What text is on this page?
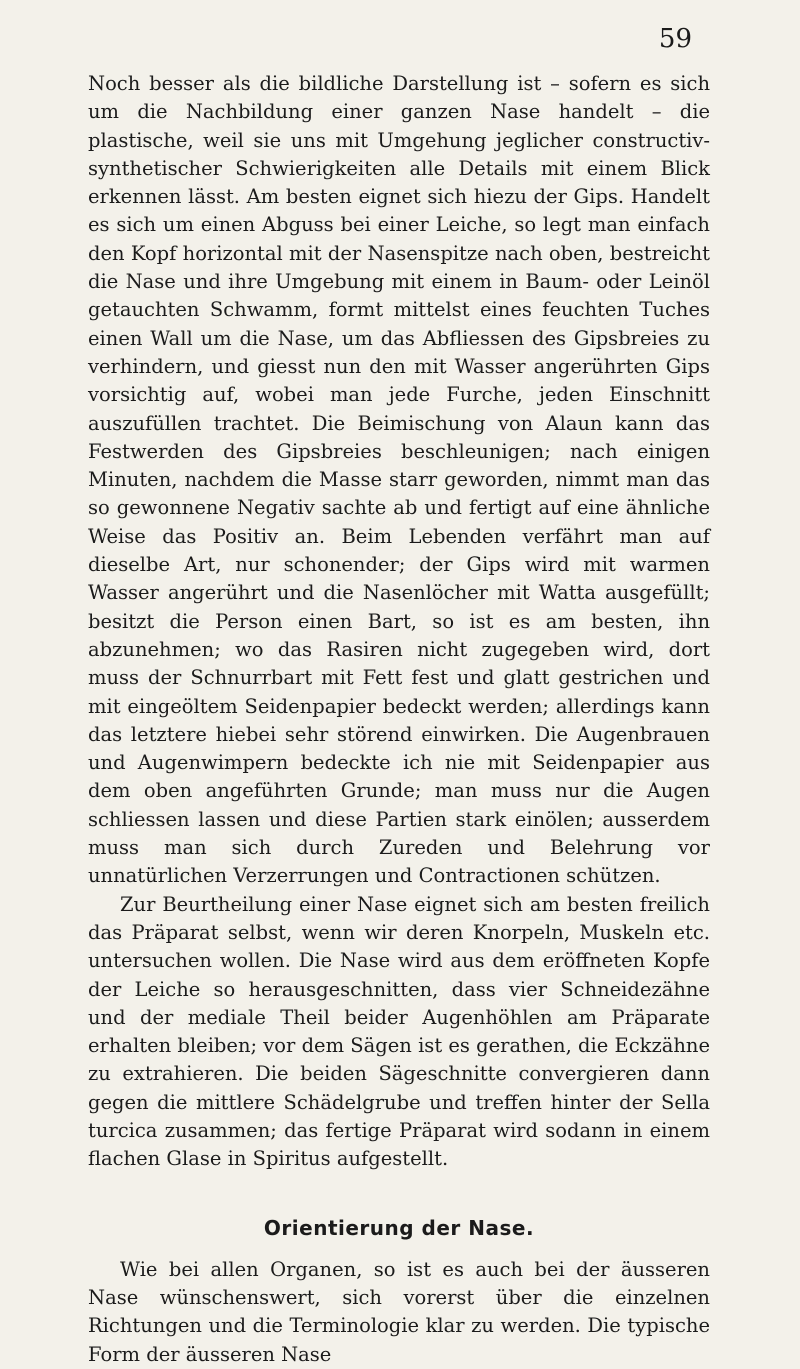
59

Noch besser als die bildliche Darstellung ist – sofern es sich um die Nachbildung einer ganzen Nase handelt – die plastische, weil sie uns mit Umgehung jeglicher constructiv-synthetischer Schwierigkeiten alle Details mit einem Blick erkennen lässt. Am besten eignet sich hiezu der Gips. Handelt es sich um einen Abguss bei einer Leiche, so legt man einfach den Kopf horizontal mit der Nasenspitze nach oben, bestreicht die Nase und ihre Umgebung mit einem in Baum- oder Leinöl getauchten Schwamm, formt mittelst eines feuchten Tuches einen Wall um die Nase, um das Abfliessen des Gipsbreies zu verhindern, und giesst nun den mit Wasser angerührten Gips vorsichtig auf, wobei man jede Furche, jeden Einschnitt auszufüllen trachtet. Die Beimischung von Alaun kann das Festwerden des Gipsbreies beschleunigen; nach einigen Minuten, nachdem die Masse starr geworden, nimmt man das so gewonnene Negativ sachte ab und fertigt auf eine ähnliche Weise das Positiv an. Beim Lebenden verfährt man auf dieselbe Art, nur schonender; der Gips wird mit warmen Wasser angerührt und die Nasenlöcher mit Watta ausgefüllt; besitzt die Person einen Bart, so ist es am besten, ihn abzunehmen; wo das Rasiren nicht zugegeben wird, dort muss der Schnurrbart mit Fett fest und glatt gestrichen und mit eingeöltem Seidenpapier bedeckt werden; allerdings kann das letztere hiebei sehr störend einwirken. Die Augenbrauen und Augenwimpern bedeckte ich nie mit Seidenpapier aus dem oben angeführten Grunde; man muss nur die Augen schliessen lassen und diese Partien stark einölen; ausserdem muss man sich durch Zureden und Belehrung vor unnatürlichen Verzerrungen und Contractionen schützen.

Zur Beurtheilung einer Nase eignet sich am besten freilich das Präparat selbst, wenn wir deren Knorpeln, Muskeln etc. untersuchen wollen. Die Nase wird aus dem eröffneten Kopfe der Leiche so herausgeschnitten, dass vier Schneidezähne und der mediale Theil beider Augenhöhlen am Präparate erhalten bleiben; vor dem Sägen ist es gerathen, die Eckzähne zu extrahieren. Die beiden Sägeschnitte convergieren dann gegen die mittlere Schädelgrube und treffen hinter der Sella turcica zusammen; das fertige Präparat wird sodann in einem flachen Glase in Spiritus aufgestellt.

Orientierung der Nase.

Wie bei allen Organen, so ist es auch bei der äusseren Nase wünschenswert, sich vorerst über die einzelnen Richtungen und die Terminologie klar zu werden. Die typische Form der äusseren Nase
